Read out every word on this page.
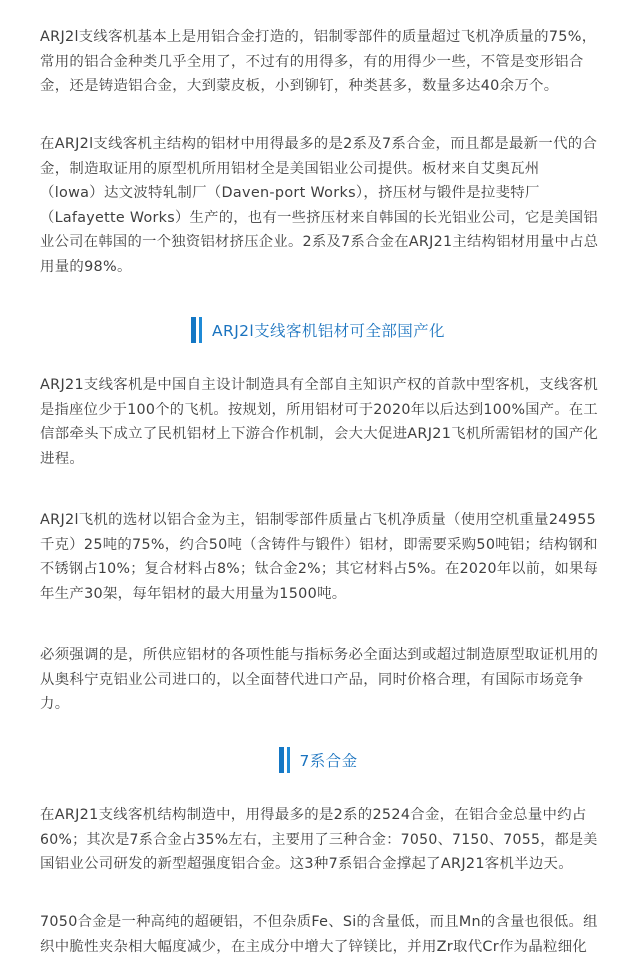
ARJ2l支线客机基本上是用铝合金打造的，铝制零部件的质量超过飞机净质量的75%，
常用的铝合金种类几乎全用了，不过有的用得多，有的用得少一些，不管是变形铝合
金，还是铸造铝合金，大到蒙皮板，小到铆钉，种类甚多，数量多达40余万个。

在ARJ2l支线客机主结构的铝材中用得最多的是2系及7系合金，而且都是最新一代的合
金，制造取证用的原型机所用铝材全是美国铝业公司提供。板材来自艾奥瓦州
（lowa）达文波特轧制厂（Daven-port Works），挤压材与锻件是拉斐特厂
（Lafayette Works）生产的，也有一些挤压材来自韩国的长光铝业公司，它是美国铝
业公司在韩国的一个独资铝材挤压企业。2系及7系合金在ARJ21主结构铝材用量中占总
用量的98%。

ARJ2l支线客机铝材可全部国产化

ARJ21支线客机是中国自主设计制造具有全部自主知识产权的首款中型客机，支线客机
是指座位少于100个的飞机。按规划，所用铝材可于2020年以后达到100%国产。在工
信部牵头下成立了民机铝材上下游合作机制，会大大促进ARJ21飞机所需铝材的国产化
进程。

ARJ2l飞机的选材以铝合金为主，铝制零部件质量占飞机净质量（使用空机重量24955
千克）25吨的75%，约合50吨（含铸件与锻件）铝材，即需要采购50吨铝；结构钢和
不锈钢占10%；复合材料占8%；钛合金2%；其它材料占5%。在2020年以前，如果每
年生产30架，每年铝材的最大用量为1500吨。

必须强调的是，所供应铝材的各项性能与指标务必全面达到或超过制造原型取证机用的
从奥科宁克铝业公司进口的，以全面替代进口产品，同时价格合理，有国际市场竞争
力。

7系合金

在ARJ21支线客机结构制造中，用得最多的是2系的2524合金，在铝合金总量中约占
60%；其次是7系合金占35%左右，主要用了三种合金：7050、7150、7055，都是美
国铝业公司研发的新型超强度铝合金。这3种7系铝合金撑起了ARJ21客机半边天。

7050合金是一种高纯的超硬铝，不但杂质Fe、Si的含量低，而且Mn的含量也很低。组
织中脆性夹杂相大幅度减少，在主成分中增大了锌镁比，并用Zr取代Cr作为晶粒细化
